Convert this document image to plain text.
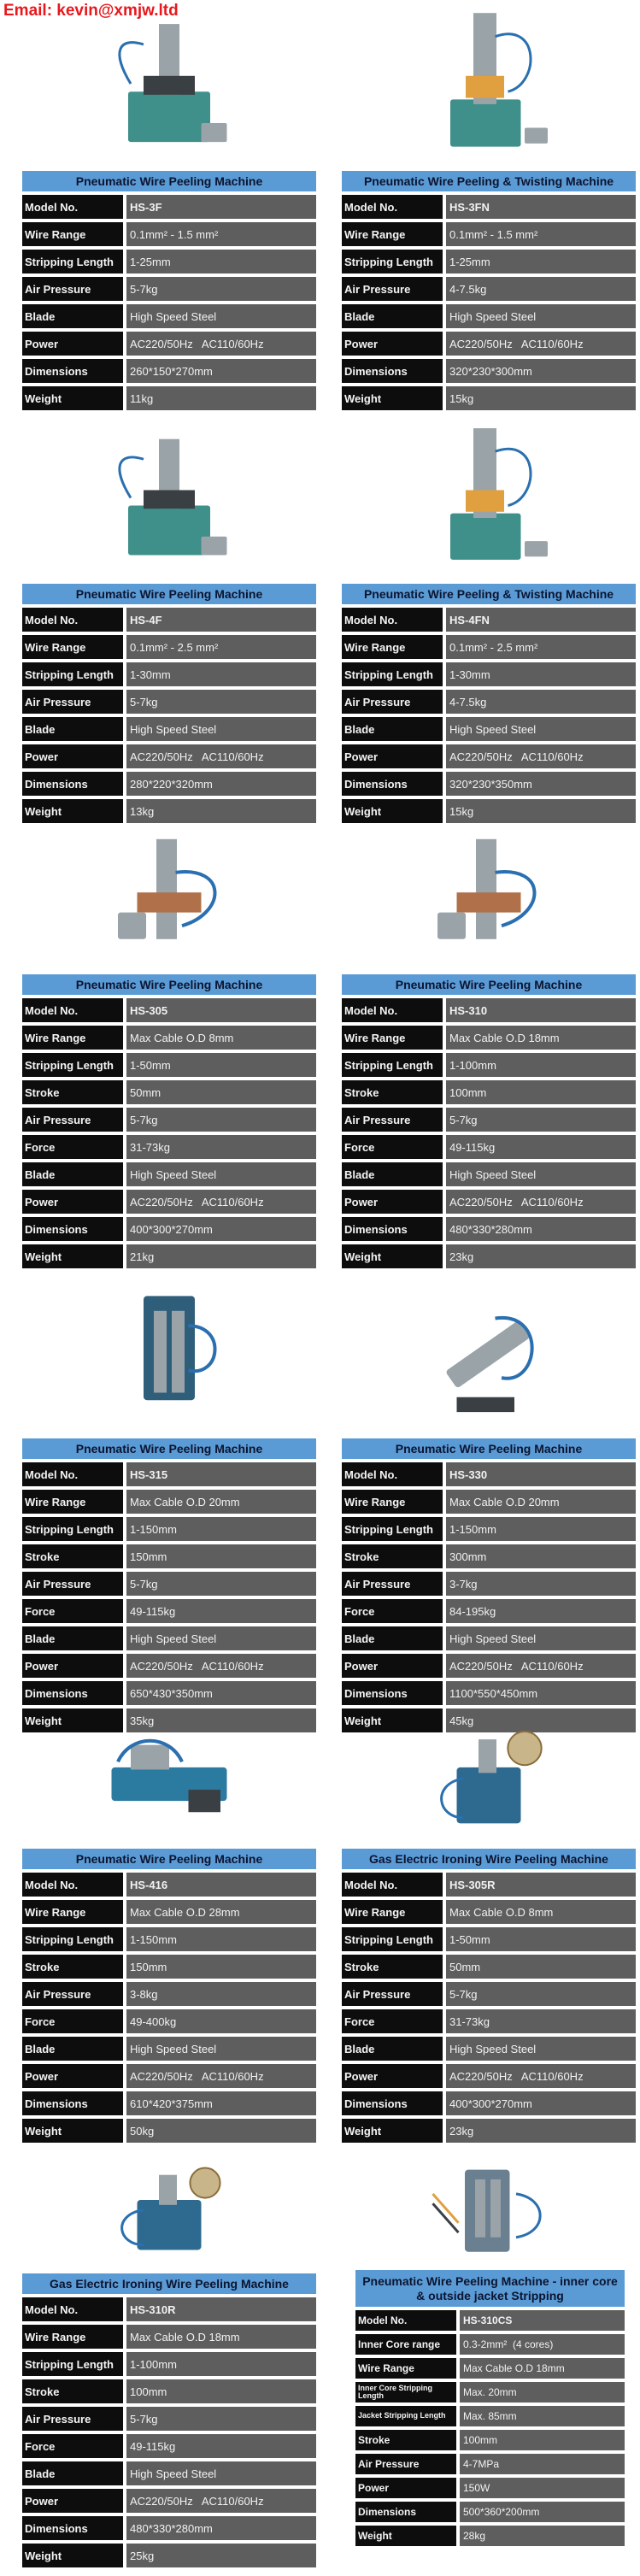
Email: kevin@xmjw.ltd
Pneumatic Wire Peeling Machine
Model No.	HS-3F
Wire Range	0.1mm² - 1.5 mm²
Stripping Length	1-25mm
Air Pressure	5-7kg
Blade	High Speed Steel
Power	AC220/50Hz   AC110/60Hz
Dimensions	260*150*270mm
Weight	11kg
Pneumatic Wire Peeling & Twisting Machine
Model No.	HS-3FN
Wire Range	0.1mm² - 1.5 mm²
Stripping Length	1-25mm
Air Pressure	4-7.5kg
Blade	High Speed Steel
Power	AC220/50Hz   AC110/60Hz
Dimensions	320*230*300mm
Weight	15kg
Pneumatic Wire Peeling Machine
Model No.	HS-4F
Wire Range	0.1mm² - 2.5 mm²
Stripping Length	1-30mm
Air Pressure	5-7kg
Blade	High Speed Steel
Power	AC220/50Hz   AC110/60Hz
Dimensions	280*220*320mm
Weight	13kg
Pneumatic Wire Peeling & Twisting Machine
Model No.	HS-4FN
Wire Range	0.1mm² - 2.5 mm²
Stripping Length	1-30mm
Air Pressure	4-7.5kg
Blade	High Speed Steel
Power	AC220/50Hz   AC110/60Hz
Dimensions	320*230*350mm
Weight	15kg
Pneumatic Wire Peeling Machine
Model No.	HS-305
Wire Range	Max Cable O.D 8mm
Stripping Length	1-50mm
Stroke	50mm
Air Pressure	5-7kg
Force	31-73kg
Blade	High Speed Steel
Power	AC220/50Hz   AC110/60Hz
Dimensions	400*300*270mm
Weight	21kg
Pneumatic Wire Peeling Machine
Model No.	HS-310
Wire Range	Max Cable O.D 18mm
Stripping Length	1-100mm
Stroke	100mm
Air Pressure	5-7kg
Force	49-115kg
Blade	High Speed Steel
Power	AC220/50Hz   AC110/60Hz
Dimensions	480*330*280mm
Weight	23kg
Pneumatic Wire Peeling Machine
Model No.	HS-315
Wire Range	Max Cable O.D 20mm
Stripping Length	1-150mm
Stroke	150mm
Air Pressure	5-7kg
Force	49-115kg
Blade	High Speed Steel
Power	AC220/50Hz   AC110/60Hz
Dimensions	650*430*350mm
Weight	35kg
Pneumatic Wire Peeling Machine
Model No.	HS-330
Wire Range	Max Cable O.D 20mm
Stripping Length	1-150mm
Stroke	300mm
Air Pressure	3-7kg
Force	84-195kg
Blade	High Speed Steel
Power	AC220/50Hz   AC110/60Hz
Dimensions	1100*550*450mm
Weight	45kg
Pneumatic Wire Peeling Machine
Model No.	HS-416
Wire Range	Max Cable O.D 28mm
Stripping Length	1-150mm
Stroke	150mm
Air Pressure	3-8kg
Force	49-400kg
Blade	High Speed Steel
Power	AC220/50Hz   AC110/60Hz
Dimensions	610*420*375mm
Weight	50kg
Gas Electric Ironing Wire Peeling Machine
Model No.	HS-305R
Wire Range	Max Cable O.D 8mm
Stripping Length	1-50mm
Stroke	50mm
Air Pressure	5-7kg
Force	31-73kg
Blade	High Speed Steel
Power	AC220/50Hz   AC110/60Hz
Dimensions	400*300*270mm
Weight	23kg
Gas Electric Ironing Wire Peeling Machine
Model No.	HS-310R
Wire Range	Max Cable O.D 18mm
Stripping Length	1-100mm
Stroke	100mm
Air Pressure	5-7kg
Force	49-115kg
Blade	High Speed Steel
Power	AC220/50Hz   AC110/60Hz
Dimensions	480*330*280mm
Weight	25kg
Pneumatic Wire Peeling Machine - inner core & outside jacket Stripping
Model No.	HS-310CS
Inner Core range	0.3-2mm²  (4 cores)
Wire Range	Max Cable O.D 18mm
Inner Core Stripping Length	Max. 20mm
Jacket Stripping Length	Max. 85mm
Stroke	100mm
Air Pressure	4-7MPa
Power	150W
Dimensions	500*360*200mm
Weight	28kg
